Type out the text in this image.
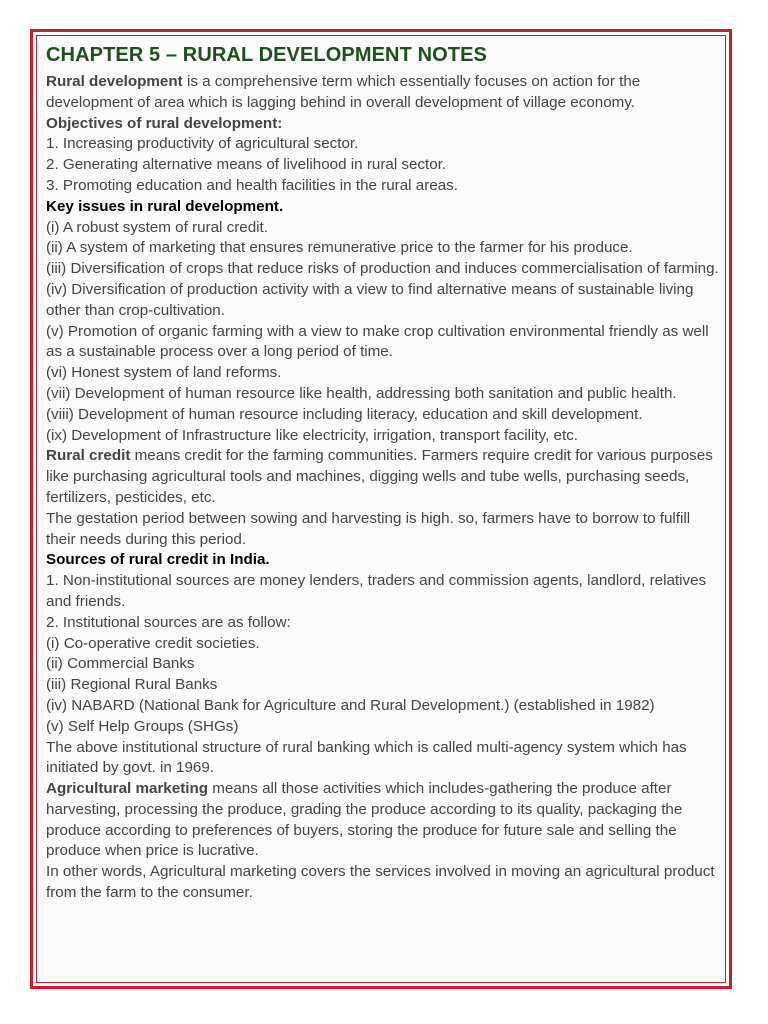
CHAPTER 5 – RURAL DEVELOPMENT NOTES

Rural development is a comprehensive term which essentially focuses on action for the development of area which is lagging behind in overall development of village economy.

Objectives of rural development:

1. Increasing productivity of agricultural sector.

2. Generating alternative means of livelihood in rural sector.

3. Promoting education and health facilities in the rural areas.

Key issues in rural development.

(i) A robust system of rural credit.

(ii) A system of marketing that ensures remunerative price to the farmer for his produce.

(iii) Diversification of crops that reduce risks of production and induces commercialisation of farming.

(iv) Diversification of production activity with a view to find alternative means of sustainable living other than crop-cultivation.

(v) Promotion of organic farming with a view to make crop cultivation environmental friendly as well as a sustainable process over a long period of time.

(vi) Honest system of land reforms.

(vii) Development of human resource like health, addressing both sanitation and public health.

(viii) Development of human resource including literacy, education and skill development.

(ix) Development of Infrastructure like electricity, irrigation, transport facility, etc.

Rural credit means credit for the farming communities. Farmers require credit for various purposes like purchasing agricultural tools and machines, digging wells and tube wells, purchasing seeds, fertilizers, pesticides, etc.

The gestation period between sowing and harvesting is high. so, farmers have to borrow to fulfill their needs during this period.

Sources of rural credit in India.

1. Non-institutional sources are money lenders, traders and commission agents, landlord, relatives and friends.

2. Institutional sources are as follow:

(i) Co-operative credit societies.

(ii) Commercial Banks

(iii) Regional Rural Banks

(iv) NABARD (National Bank for Agriculture and Rural Development.) (established in 1982)

(v) Self Help Groups (SHGs)

The above institutional structure of rural banking which is called multi-agency system which has initiated by govt. in 1969.

Agricultural marketing means all those activities which includes-gathering the produce after harvesting, processing the produce, grading the produce according to its quality, packaging the produce according to preferences of buyers, storing the produce for future sale and selling the produce when price is lucrative.

In other words, Agricultural marketing covers the services involved in moving an agricultural product from the farm to the consumer.
